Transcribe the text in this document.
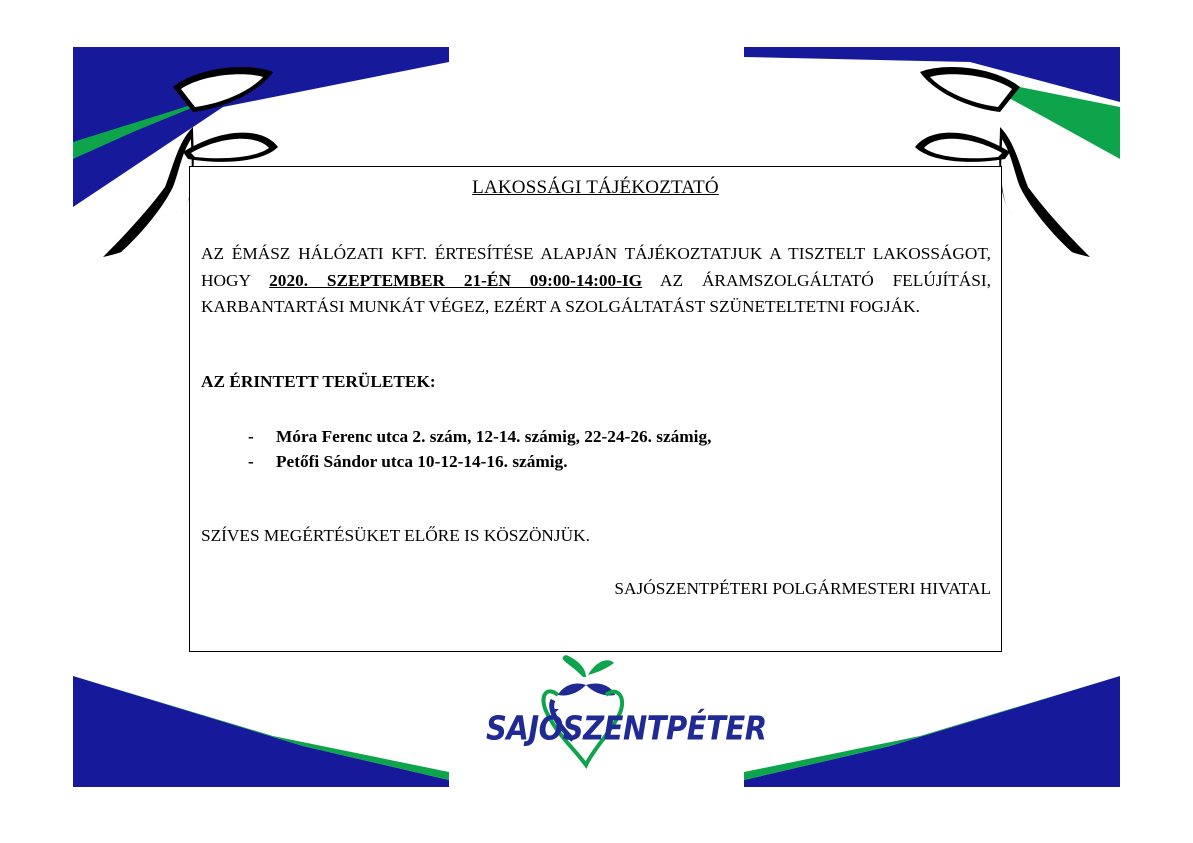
LAKOSSÁGI TÁJÉKOZTATÓ
AZ ÉMÁSZ HÁLÓZATI KFT. ÉRTESÍTÉSE ALAPJÁN TÁJÉKOZTATJUK A TISZTELT LAKOSSÁGOT, HOGY 2020. SZEPTEMBER 21-ÉN 09:00-14:00-IG AZ ÁRAMSZOLGÁLTATÓ FELÚJÍTÁSI, KARBANTARTÁSI MUNKÁT VÉGEZ, EZÉRT A SZOLGÁLTATÁST SZÜNETELTETNI FOGJÁK.
AZ ÉRINTETT TERÜLETEK:
-	Móra Ferenc utca 2. szám, 12-14. számig, 22-24-26. számig,
-	Petőfi Sándor utca 10-12-14-16. számig.
SZÍVES MEGÉRTÉSÜKET ELŐRE IS KÖSZÖNJÜK.
SAJÓSZENTPÉTERI POLGÁRMESTERI HIVATAL
SAJÓSZENTPÉTER
